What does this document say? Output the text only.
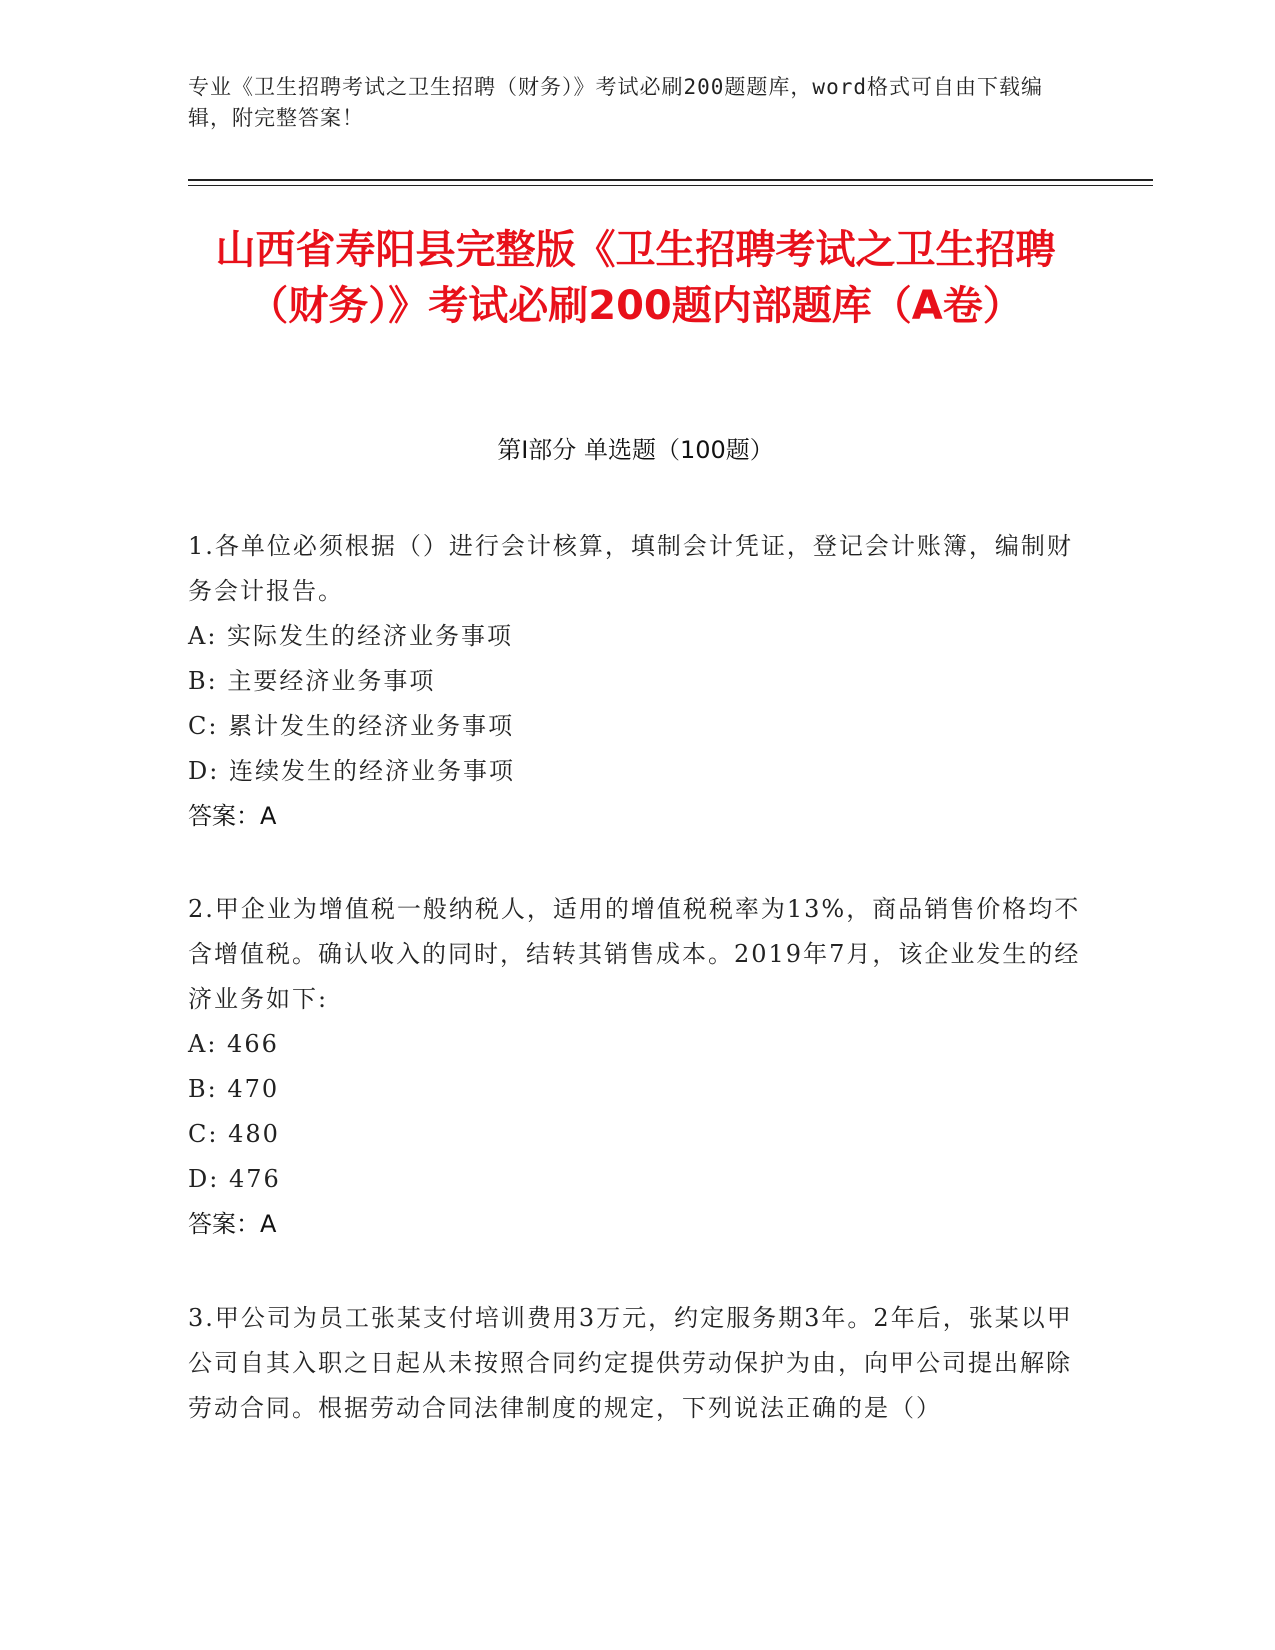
专业《卫生招聘考试之卫生招聘（财务）》考试必刷200题题库，word格式可自由下载编辑，附完整答案！
山西省寿阳县完整版《卫生招聘考试之卫生招聘（财务）》考试必刷200题内部题库（A卷）
第I部分 单选题（100题）
1.各单位必须根据（）进行会计核算，填制会计凭证，登记会计账簿，编制财务会计报告。
A: 实际发生的经济业务事项
B: 主要经济业务事项
C: 累计发生的经济业务事项
D: 连续发生的经济业务事项
答案：A
2.甲企业为增值税一般纳税人，适用的增值税税率为13%，商品销售价格均不含增值税。确认收入的同时，结转其销售成本。2019年7月，该企业发生的经济业务如下:
A: 466
B: 470
C: 480
D: 476
答案：A
3.甲公司为员工张某支付培训费用3万元，约定服务期3年。2年后，张某以甲公司自其入职之日起从未按照合同约定提供劳动保护为由，向甲公司提出解除劳动合同。根据劳动合同法律制度的规定，下列说法正确的是（）
